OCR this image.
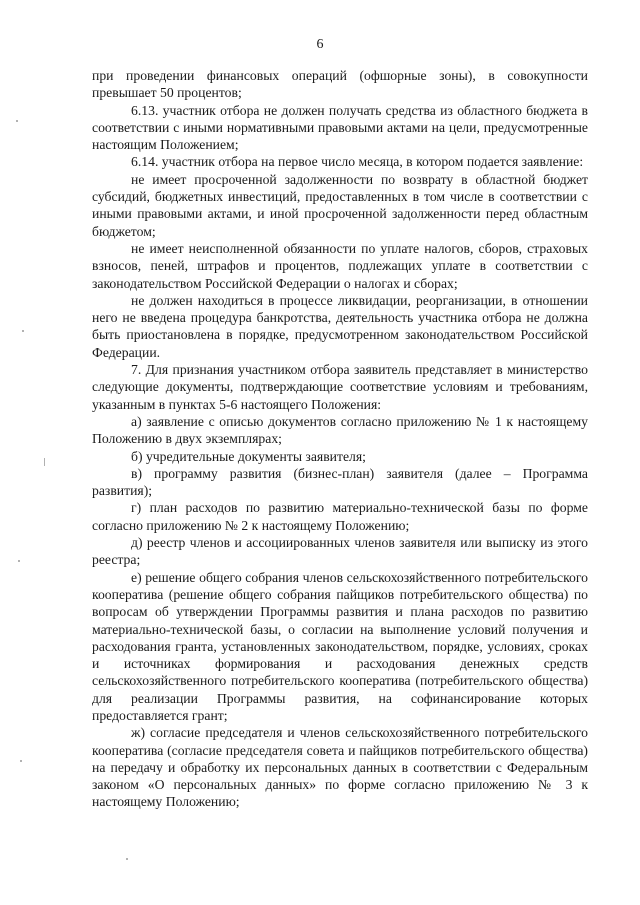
6

при проведении финансовых операций (офшорные зоны), в совокупности превышает 50 процентов;

6.13. участник отбора не должен получать средства из областного бюджета в соответствии с иными нормативными правовыми актами на цели, предусмотренные настоящим Положением;

6.14. участник отбора на первое число месяца, в котором подается заявление:

не имеет просроченной задолженности по возврату в областной бюджет субсидий, бюджетных инвестиций, предоставленных в том числе в соответствии с иными правовыми актами, и иной просроченной задолженности перед областным бюджетом;

не имеет неисполненной обязанности по уплате налогов, сборов, страховых взносов, пеней, штрафов и процентов, подлежащих уплате в соответствии с законодательством Российской Федерации о налогах и сборах;

не должен находиться в процессе ликвидации, реорганизации, в отношении него не введена процедура банкротства, деятельность участника отбора не должна быть приостановлена в порядке, предусмотренном законодательством Российской Федерации.

7. Для признания участником отбора заявитель представляет в министерство следующие документы, подтверждающие соответствие условиям и требованиям, указанным в пунктах 5-6 настоящего Положения:

а) заявление с описью документов согласно приложению № 1 к настоящему Положению в двух экземплярах;

б) учредительные документы заявителя;

в) программу развития (бизнес-план) заявителя (далее – Программа развития);

г) план расходов по развитию материально-технической базы по форме согласно приложению № 2 к настоящему Положению;

д) реестр членов и ассоциированных членов заявителя или выписку из этого реестра;

е) решение общего собрания членов сельскохозяйственного потребительского кооператива (решение общего собрания пайщиков потребительского общества) по вопросам об утверждении Программы развития и плана расходов по развитию материально-технической базы, о согласии на выполнение условий получения и расходования гранта, установленных законодательством, порядке, условиях, сроках и источниках формирования и расходования денежных средств сельскохозяйственного потребительского кооператива (потребительского общества) для реализации Программы развития, на софинансирование которых предоставляется грант;

ж) согласие председателя и членов сельскохозяйственного потребительского кооператива (согласие председателя совета и пайщиков потребительского общества) на передачу и обработку их персональных данных в соответствии с Федеральным законом «О персональных данных» по форме согласно приложению № 3 к настоящему Положению;
